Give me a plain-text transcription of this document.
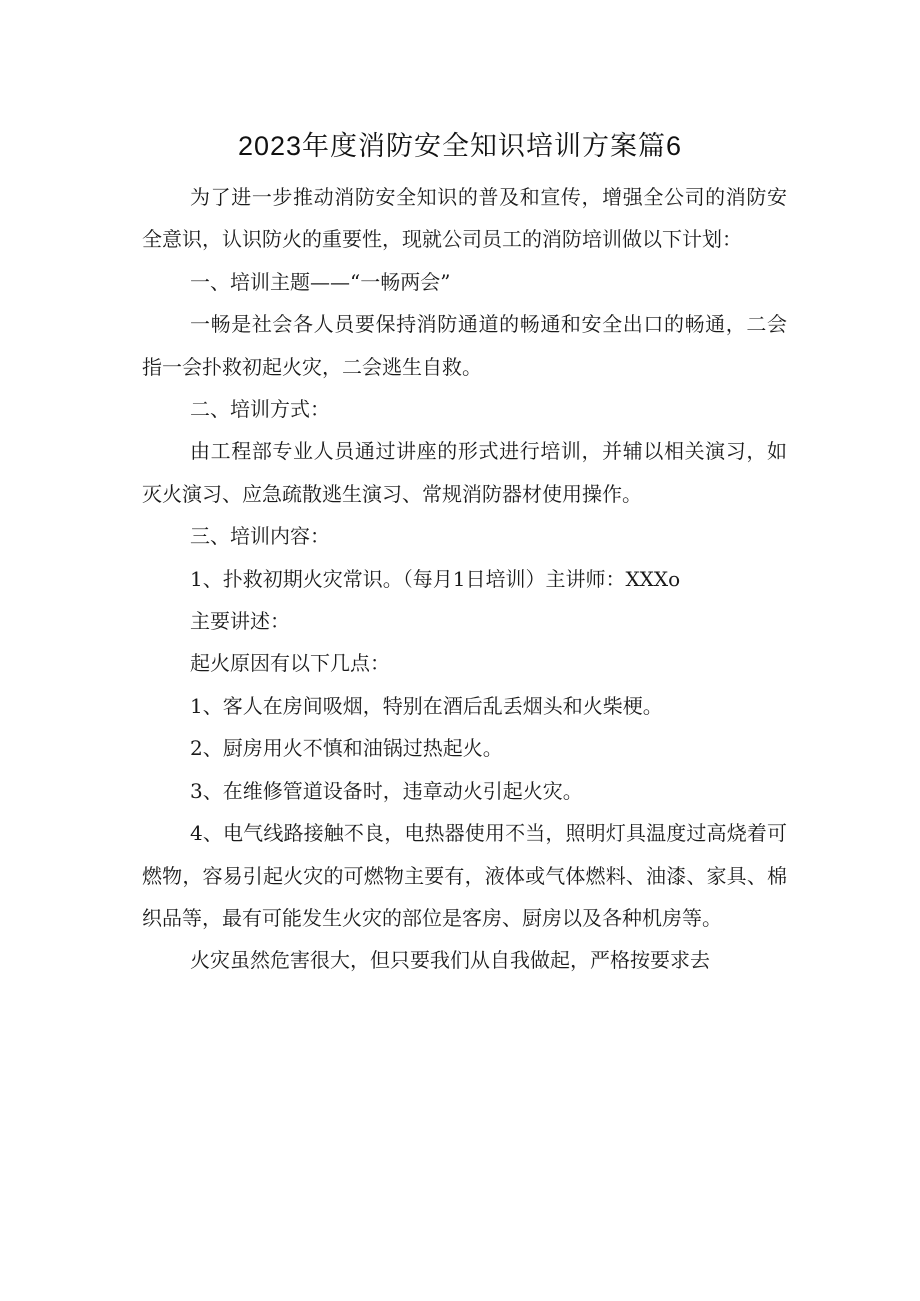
2023年度消防安全知识培训方案篇6

为了进一步推动消防安全知识的普及和宣传，增强全公司的消防安全意识，认识防火的重要性，现就公司员工的消防培训做以下计划：

一、培训主题——“一畅两会”

一畅是社会各人员要保持消防通道的畅通和安全出口的畅通，二会指一会扑救初起火灾，二会逃生自救。

二、培训方式：

由工程部专业人员通过讲座的形式进行培训，并辅以相关演习，如灭火演习、应急疏散逃生演习、常规消防器材使用操作。

三、培训内容：

1、扑救初期火灾常识。（每月1日培训）主讲师：XXXo

主要讲述：

起火原因有以下几点：

1、客人在房间吸烟，特别在酒后乱丢烟头和火柴梗。

2、厨房用火不慎和油锅过热起火。

3、在维修管道设备时，违章动火引起火灾。

4、电气线路接触不良，电热器使用不当，照明灯具温度过高烧着可燃物，容易引起火灾的可燃物主要有，液体或气体燃料、油漆、家具、棉织品等，最有可能发生火灾的部位是客房、厨房以及各种机房等。

火灾虽然危害很大，但只要我们从自我做起，严格按要求去
